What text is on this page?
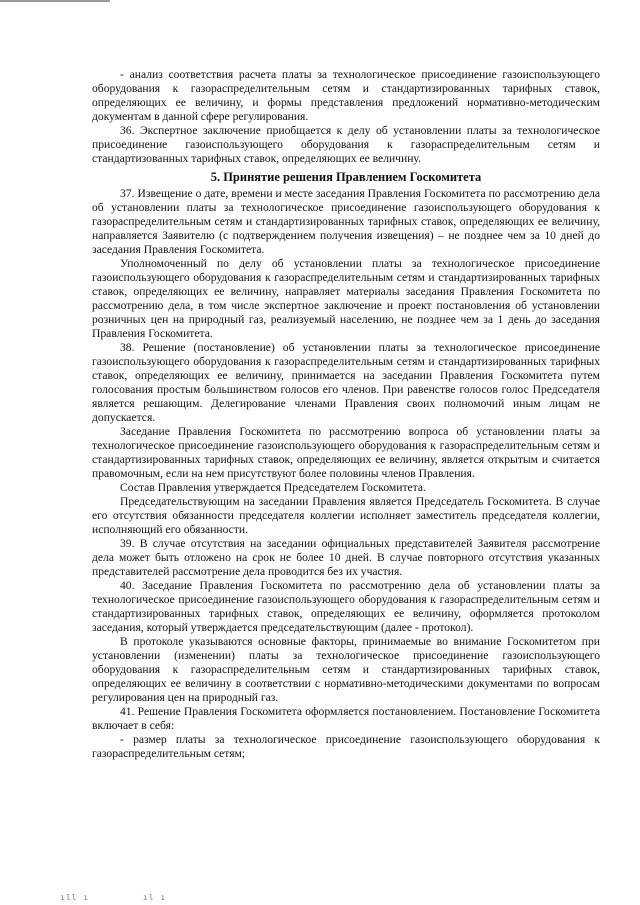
- анализ соответствия расчета платы за технологическое присоединение газоиспользующего оборудования к газораспределительным сетям и стандартизированных тарифных ставок, определяющих ее величину, и формы представления предложений нормативно-методическим документам в данной сфере регулирования.

36. Экспертное заключение приобщается к делу об установлении платы за технологическое присоединение газоиспользующего оборудования к газораспределительным сетям и стандартизованных тарифных ставок, определяющих ее величину.

5. Принятие решения Правлением Госкомитета

37. Извещение о дате, времени и месте заседания Правления Госкомитета по рассмотрению дела об установлении платы за технологическое присоединение газоиспользующего оборудования к газораспределительным сетям и стандартизированных тарифных ставок, определяющих ее величину, направляется Заявителю (с подтверждением получения извещения) – не позднее чем за 10 дней до заседания Правления Госкомитета.

Уполномоченный по делу об установлении платы за технологическое присоединение газоиспользующего оборудования к газораспределительным сетям и стандартизированных тарифных ставок, определяющих ее величину, направляет материалы заседания Правления Госкомитета по рассмотрению дела, в том числе экспертное заключение и проект постановления об установлении розничных цен на природный газ, реализуемый населению, не позднее чем за 1 день до заседания Правления Госкомитета.

38. Решение (постановление) об установлении платы за технологическое присоединение газоиспользующего оборудования к газораспределительным сетям и стандартизированных тарифных ставок, определяющих ее величину, принимается на заседании Правления Госкомитета путем голосования простым большинством голосов его членов. При равенстве голосов голос Председателя является решающим. Делегирование членами Правления своих полномочий иным лицам не допускается.

Заседание Правления Госкомитета по рассмотрению вопроса об установлении платы за технологическое присоединение газоиспользующего оборудования к газораспределительным сетям и стандартизированных тарифных ставок, определяющих ее величину, является открытым и считается правомочным, если на нем присутствуют более половины членов Правления.

Состав Правления утверждается Председателем Госкомитета.

Председательствующим на заседании Правления является Председатель Госкомитета. В случае его отсутствия обязанности председателя коллегии исполняет заместитель председателя коллегии, исполняющий его обязанности.

39. В случае отсутствия на заседании официальных представителей Заявителя рассмотрение дела может быть отложено на срок не более 10 дней. В случае повторного отсутствия указанных представителей рассмотрение дела проводится без их участия.

40. Заседание Правления Госкомитета по рассмотрению дела об установлении платы за технологическое присоединение газоиспользующего оборудования к газораспределительным сетям и стандартизированных тарифных ставок, определяющих ее величину, оформляется протоколом заседания, который утверждается председательствующим (далее - протокол).

В протоколе указываются основные факторы, принимаемые во внимание Госкомитетом при установлении (изменении) платы за технологическое присоединение газоиспользующего оборудования к газораспределительным сетям и стандартизированных тарифных ставок, определяющих ее величину в соответствии с нормативно-методическими документами по вопросам регулирования цен на природный газ.

41. Решение Правления Госкомитета оформляется постановлением. Постановление Госкомитета включает в себя:

- размер платы за технологическое присоединение газоиспользующего оборудования к газораспределительным сетям;

ıll ı	ıl ı
